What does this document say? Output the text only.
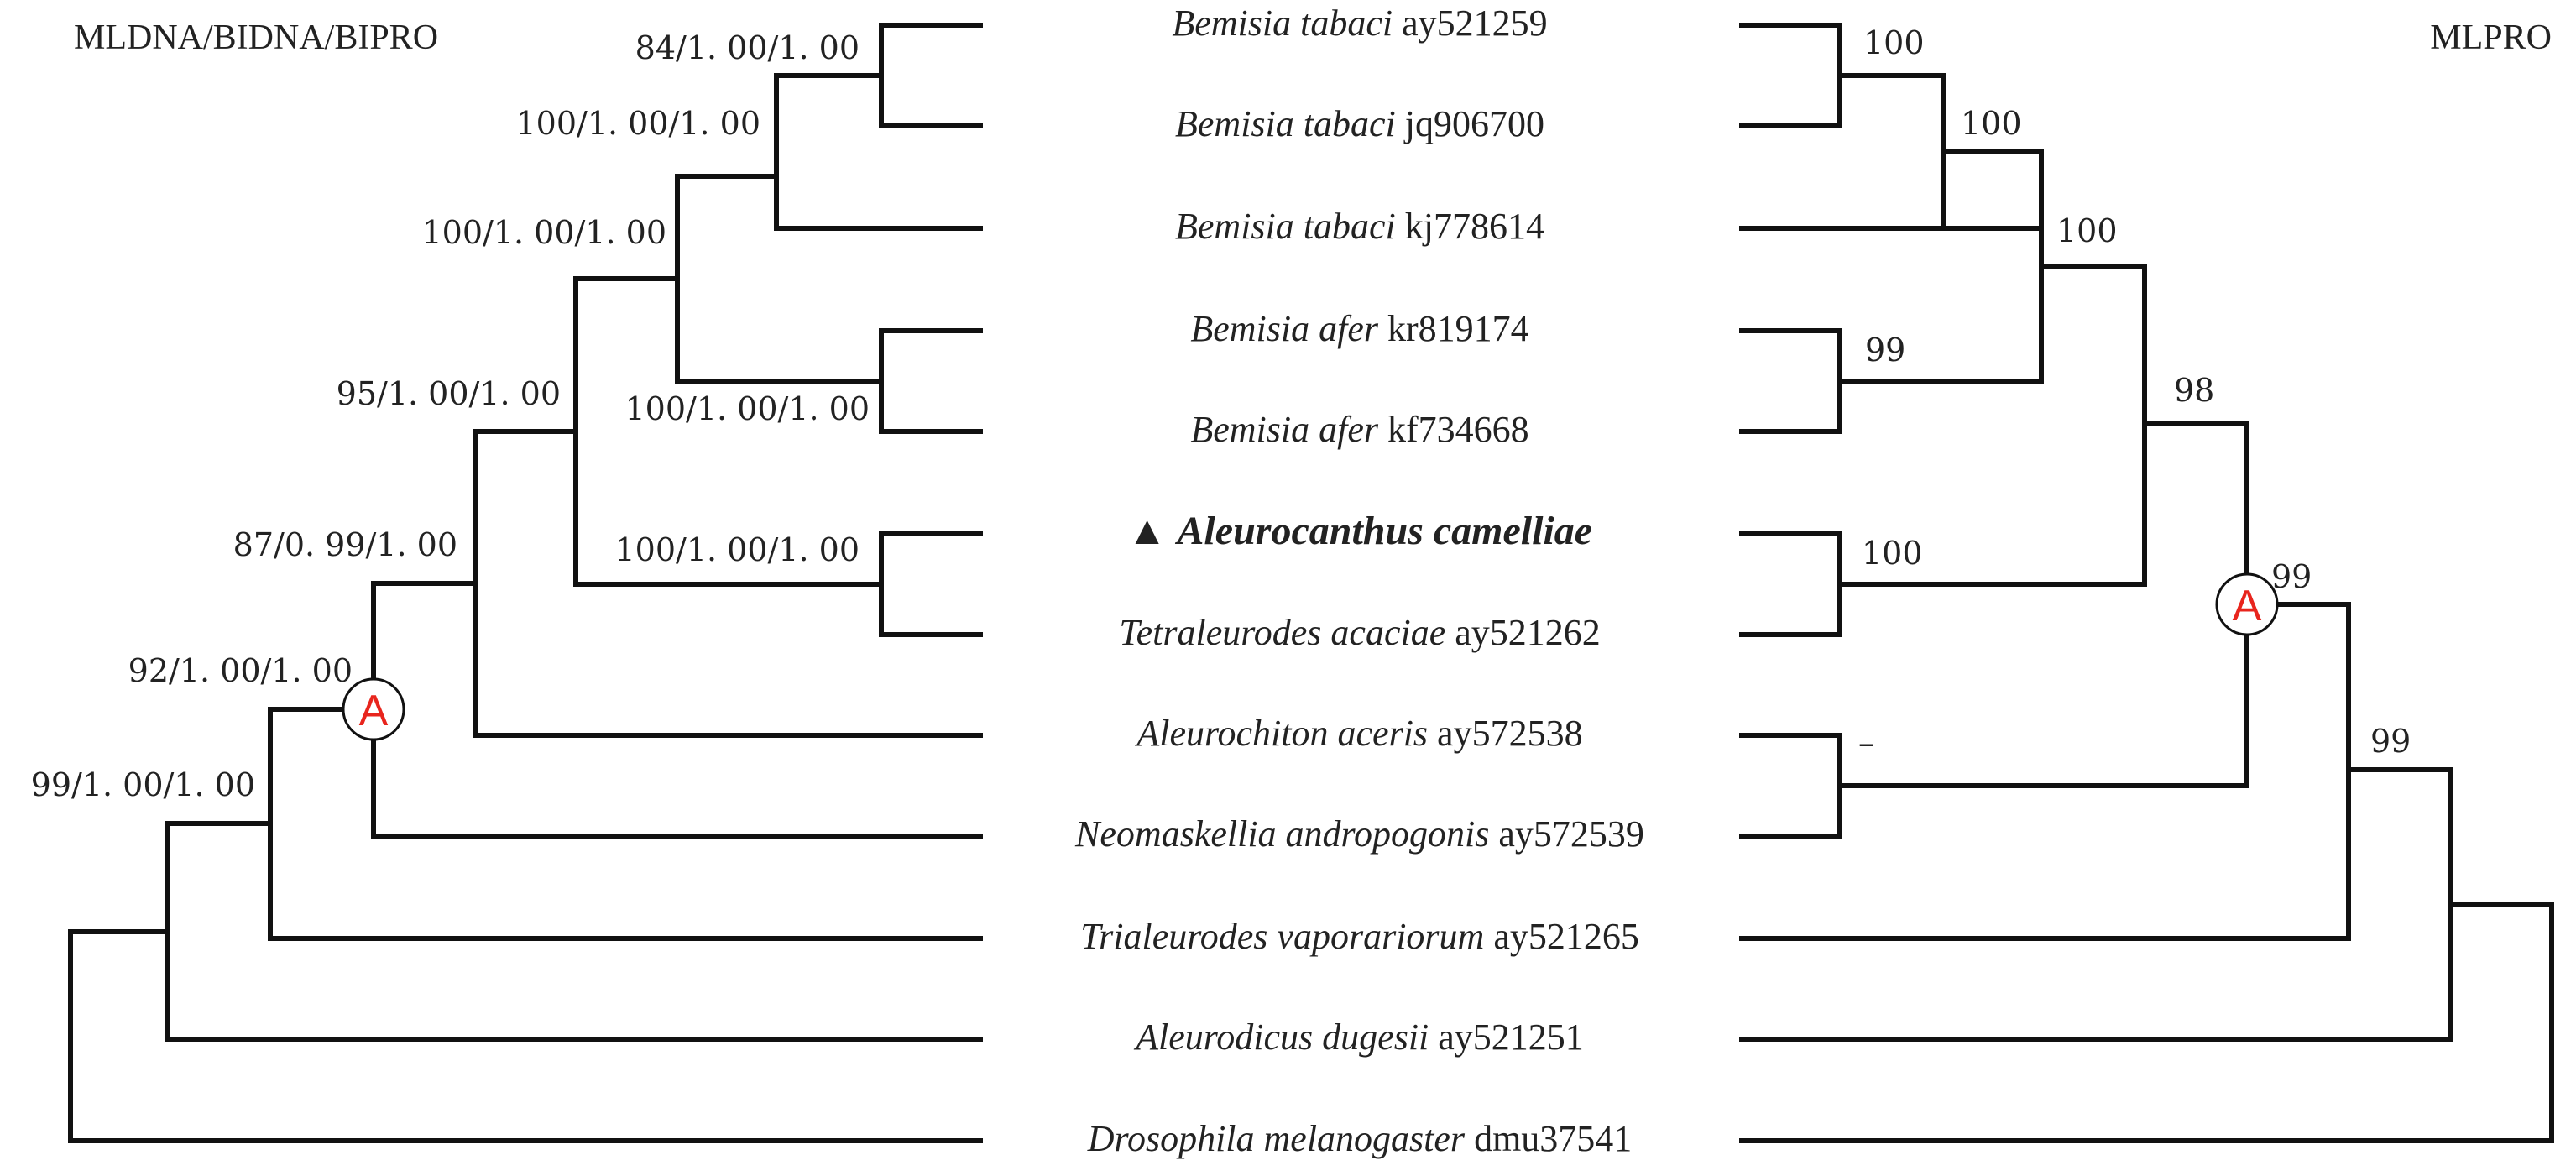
MLDNA/BIDNA/BIPRO	MLPRO
84/1. 00/1. 00
100/1. 00/1. 00
100/1. 00/1. 00
95/1. 00/1. 00 100/1. 00/1. 00
100/1. 00/1. 00
87/0. 99/1. 00
92/1. 00/1. 00
99/1. 00/1. 00
A
100
100
100
99
98
100
99
–	99
A
Bemisia tabaci ay521259
Bemisia tabaci jq906700
Bemisia tabaci kj778614
Bemisia afer kr819174
Bemisia afer kf734668
▲ Aleurocanthus camelliae
Tetraleurodes acaciae ay521262
Aleurochiton aceris ay572538
Neomaskellia andropogonis ay572539
Trialeurodes vaporariorum ay521265
Aleurodicus dugesii ay521251
Drosophila melanogaster dmu37541
